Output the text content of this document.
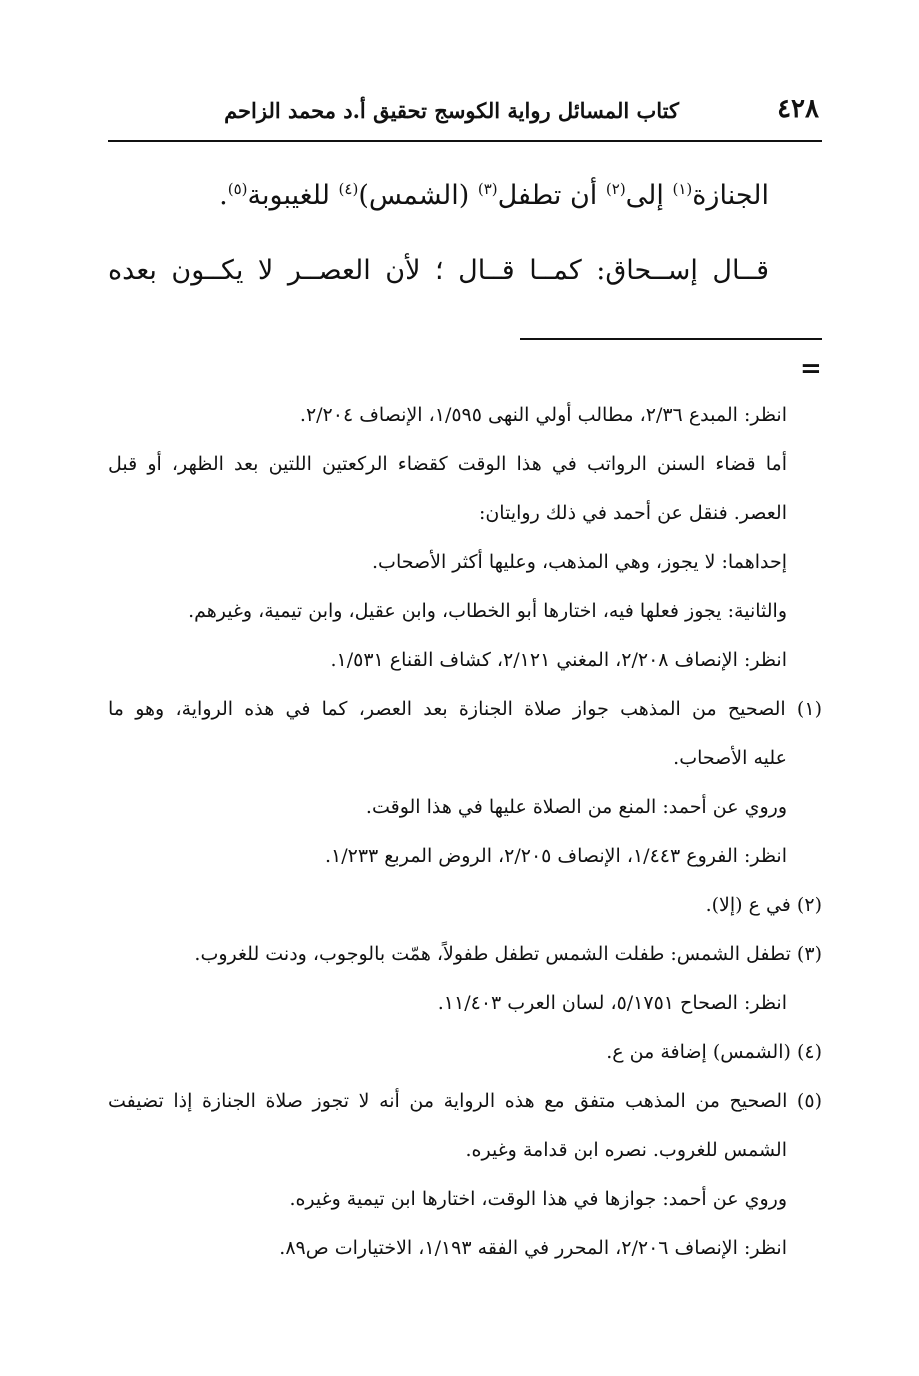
٤٢٨
كتاب المسائل رواية الكوسج تحقيق أ.د محمد الزاحم
الجنازة$^{(١)}$ إلى$^{(٢)}$ أن تطفل$^{(٣)}$ (الشمس)$^{(٤)}$ للغيبوبة$^{(٥)}$.
قــال إســحاق: كمــا قــال ؛ لأن العصــر لا يكــون بعده
=
انظر: المبدع ٢/٣٦، مطالب أولي النهى ١/٥٩٥، الإنصاف ٢/٢٠٤.
أما قضاء السنن الرواتب في هذا الوقت كقضاء الركعتين اللتين بعد الظهر، أو قبل
العصر. فنقل عن أحمد في ذلك روايتان:
إحداهما: لا يجوز، وهي المذهب، وعليها أكثر الأصحاب.
والثانية: يجوز فعلها فيه، اختارها أبو الخطاب، وابن عقيل، وابن تيمية، وغيرهم.
انظر: الإنصاف ٢/٢٠٨، المغني ٢/١٢١، كشاف القناع ١/٥٣١.
(١) الصحيح من المذهب جواز صلاة الجنازة بعد العصر، كما في هذه الرواية، وهو ما
عليه الأصحاب.
وروي عن أحمد: المنع من الصلاة عليها في هذا الوقت.
انظر: الفروع ١/٤٤٣، الإنصاف ٢/٢٠٥، الروض المربع ١/٢٣٣.
(٢) في ع (إلا).
(٣) تطفل الشمس: طفلت الشمس تطفل طفولاً، همّت بالوجوب، ودنت للغروب.
انظر: الصحاح ٥/١٧٥١، لسان العرب ١١/٤٠٣.
(٤) (الشمس) إضافة من ع.
(٥) الصحيح من المذهب متفق مع هذه الرواية من أنه لا تجوز صلاة الجنازة إذا تضيفت
الشمس للغروب. نصره ابن قدامة وغيره.
وروي عن أحمد: جوازها في هذا الوقت، اختارها ابن تيمية وغيره.
انظر: الإنصاف ٢/٢٠٦، المحرر في الفقه ١/١٩٣، الاختيارات ص٨٩.
